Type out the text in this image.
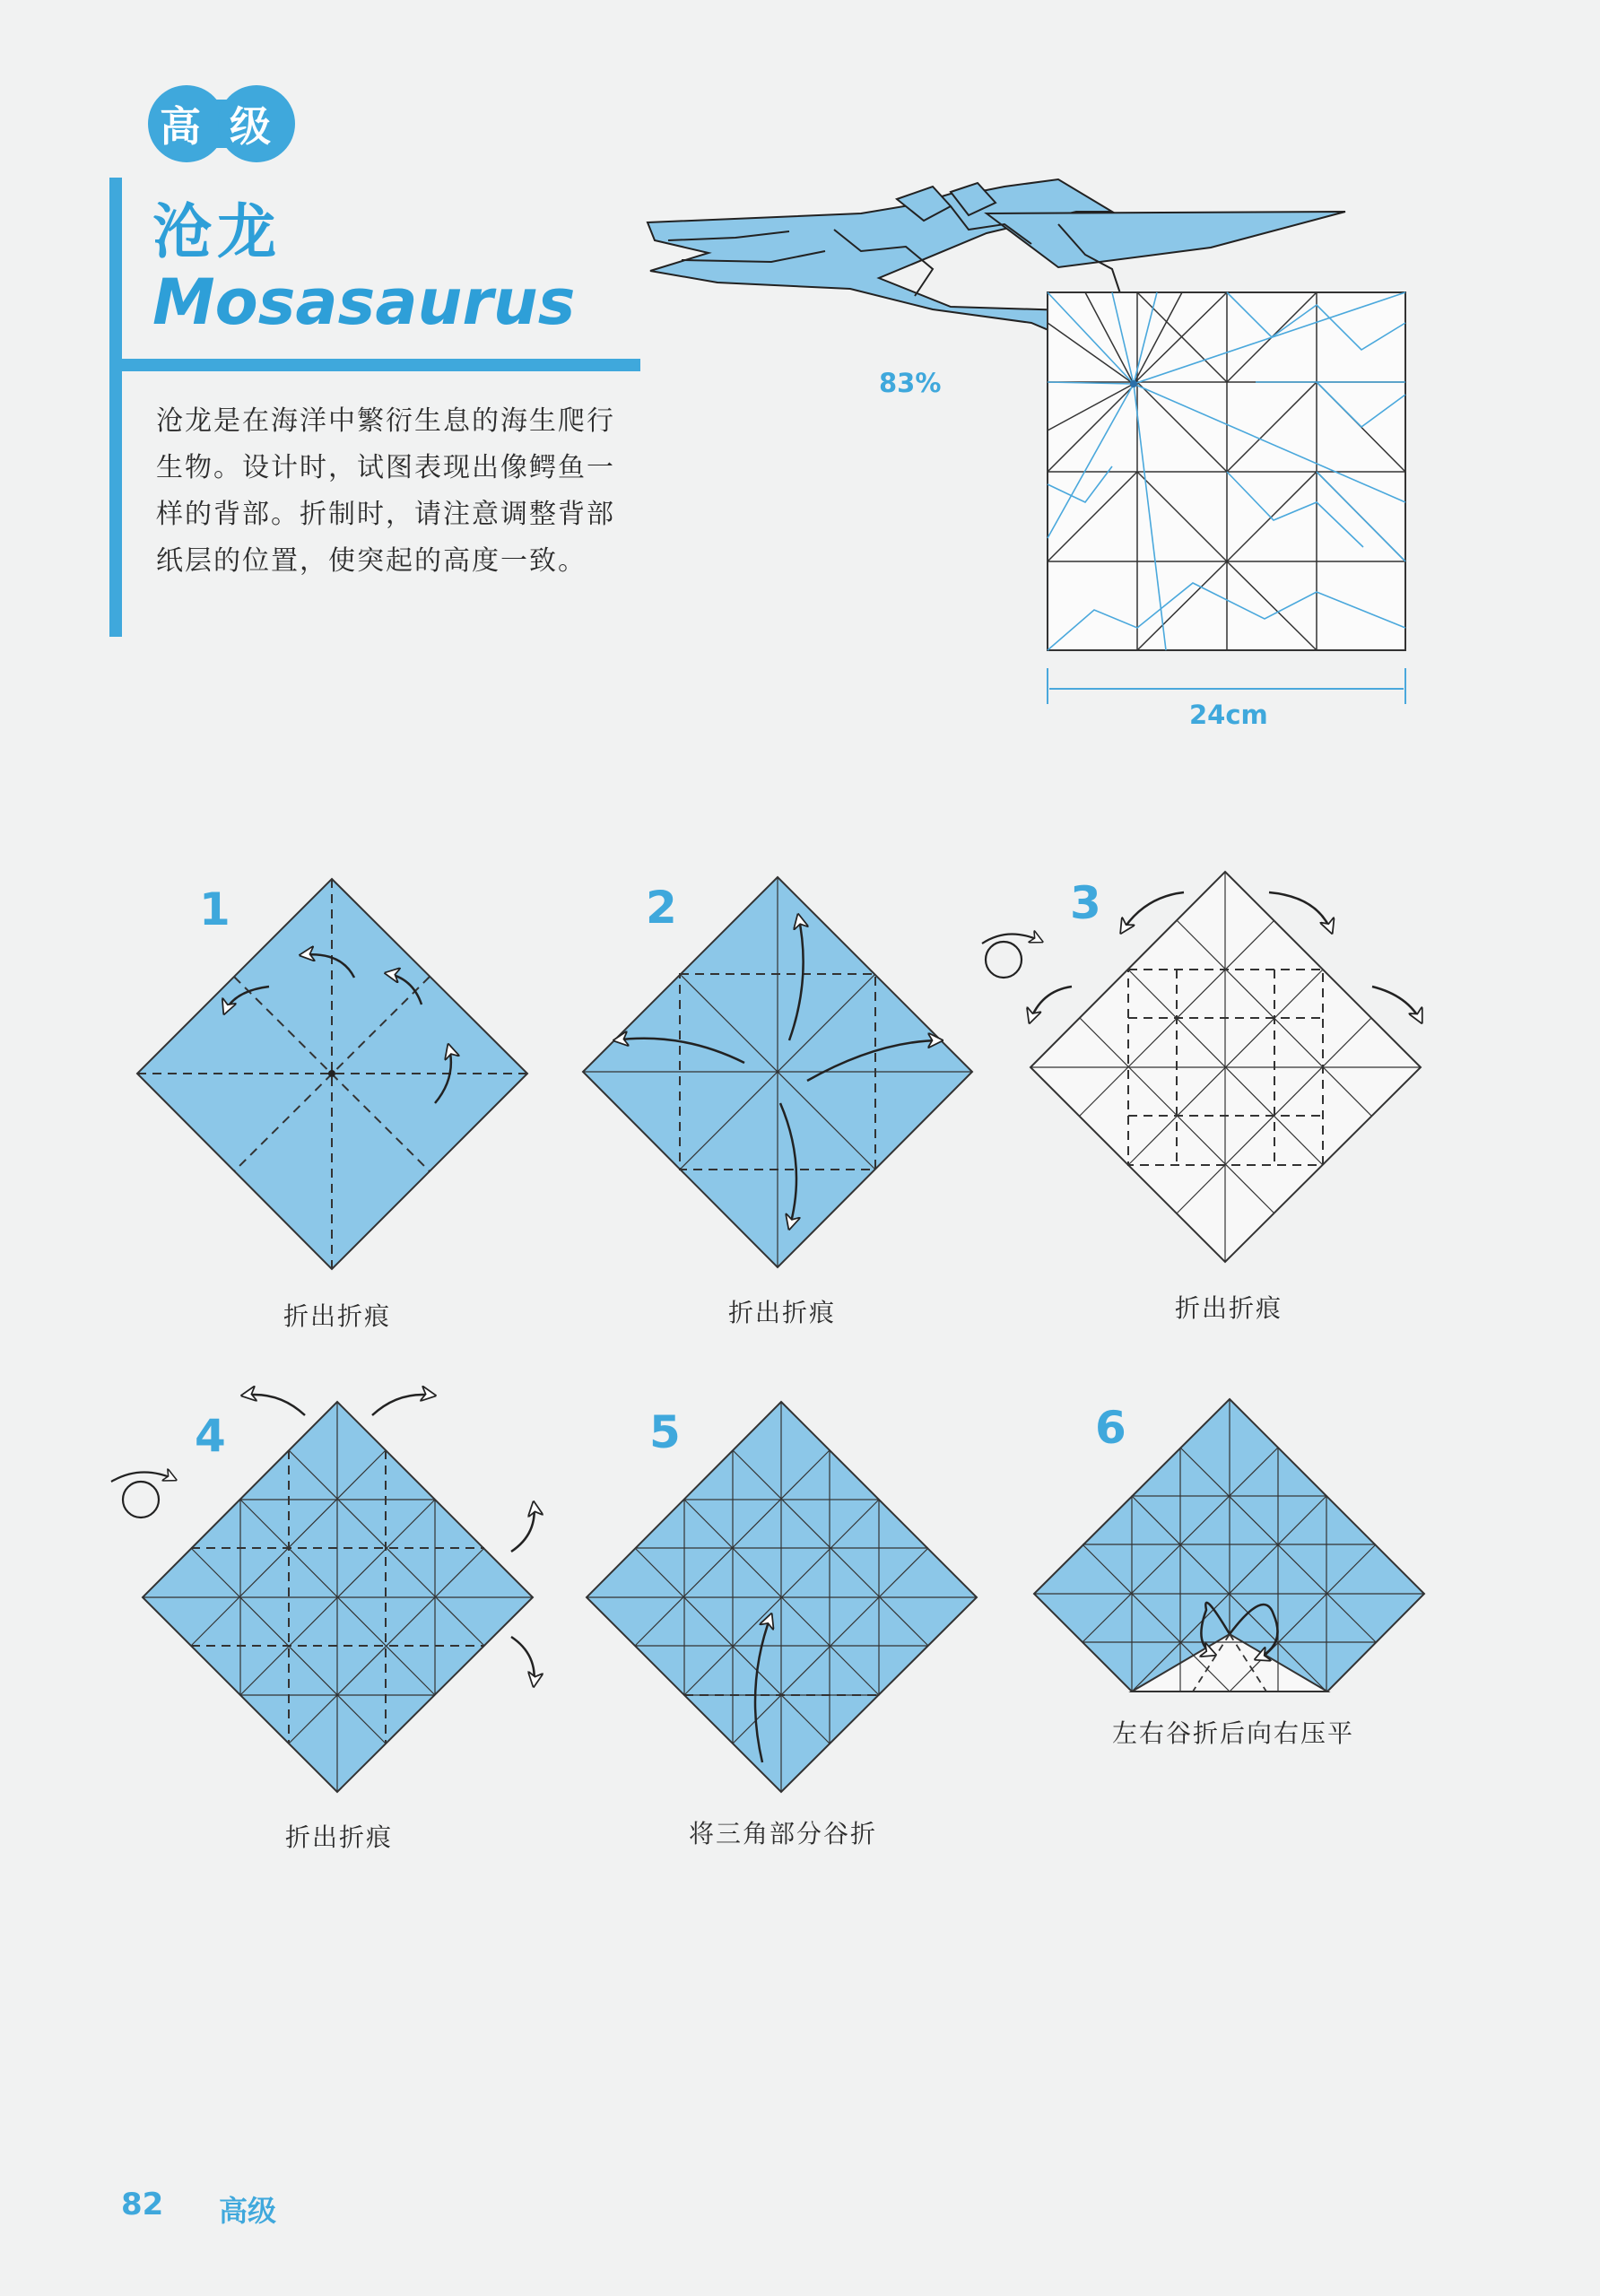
高 级
沧龙
Mosasaurus
沧龙是在海洋中繁衍生息的海生爬行生物。设计时，试图表现出像鳄鱼一样的背部。折制时，请注意调整背部纸层的位置，使突起的高度一致。
83%
24cm
1	2	3
4	5	6
折出折痕	折出折痕	折出折痕
折出折痕	将三角部分谷折
左右谷折后向右压平
82 高级
